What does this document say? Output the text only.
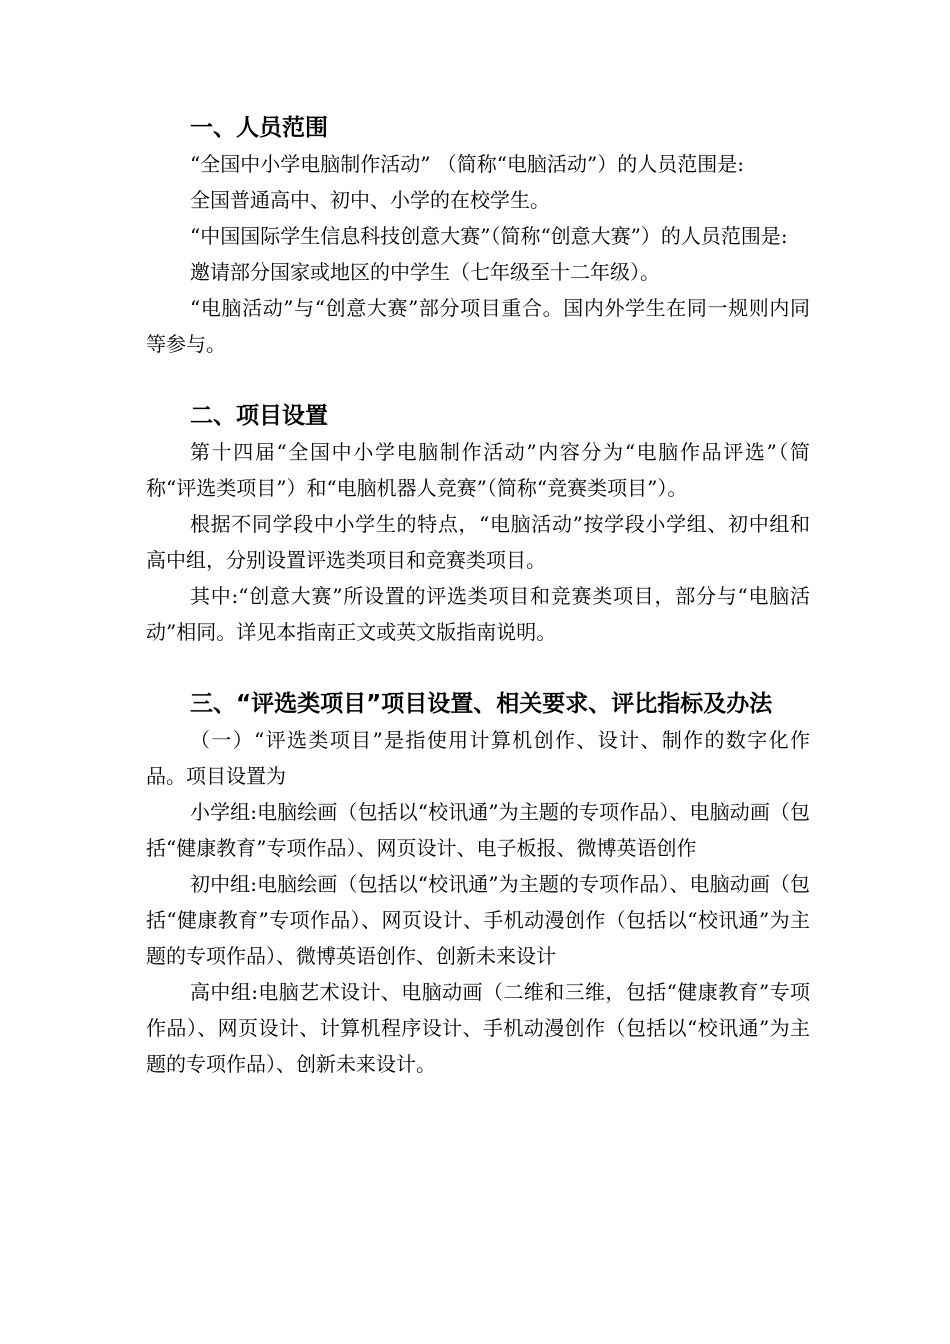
一、人员范围

“全国中小学电脑制作活动” （简称“电脑活动”）的人员范围是:

全国普通高中、初中、小学的在校学生。

“中国国际学生信息科技创意大赛”（简称“创意大赛”）的人员范围是:

邀请部分国家或地区的中学生（七年级至十二年级）。

“电脑活动”与“创意大赛”部分项目重合。国内外学生在同一规则内同等参与。

二、项目设置

第十四届“全国中小学电脑制作活动”内容分为“电脑作品评选”（简称“评选类项目”）和“电脑机器人竞赛”（简称“竞赛类项目”）。

根据不同学段中小学生的特点，“电脑活动”按学段小学组、初中组和高中组，分别设置评选类项目和竞赛类项目。

其中:“创意大赛”所设置的评选类项目和竞赛类项目，部分与“电脑活动”相同。详见本指南正文或英文版指南说明。

三、“评选类项目”项目设置、相关要求、评比指标及办法

（一）“评选类项目”是指使用计算机创作、设计、制作的数字化作品。项目设置为

小学组:电脑绘画（包括以“校讯通”为主题的专项作品）、电脑动画（包括“健康教育”专项作品）、网页设计、电子板报、微博英语创作

初中组:电脑绘画（包括以“校讯通”为主题的专项作品）、电脑动画（包括“健康教育”专项作品）、网页设计、手机动漫创作（包括以“校讯通”为主题的专项作品）、微博英语创作、创新未来设计

高中组:电脑艺术设计、电脑动画（二维和三维，包括“健康教育”专项作品）、网页设计、计算机程序设计、手机动漫创作（包括以“校讯通”为主题的专项作品）、创新未来设计。
